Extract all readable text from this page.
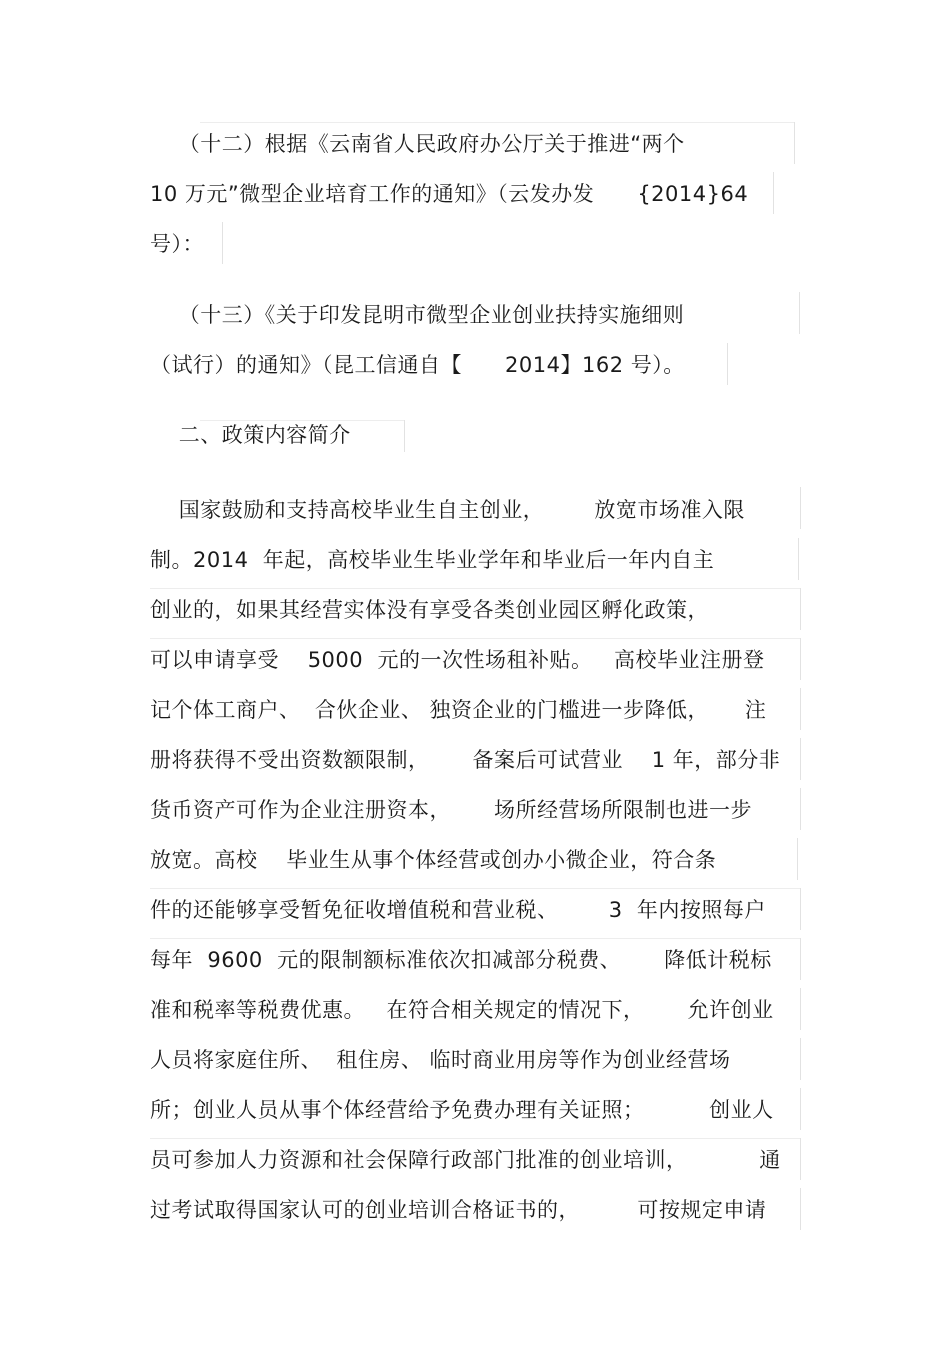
（十二）根据《云南省人民政府办公厅关于推进“两个
10 万元”微型企业培育工作的通知》（云发办发      {2014}64
号）：
（十三）《关于印发昆明市微型企业创业扶持实施细则
（试行）的通知》（昆工信通自【      2014】162 号）。
二、政策内容简介
国家鼓励和支持高校毕业生自主创业，       放宽市场准入限
制。2014  年起，高校毕业生毕业学年和毕业后一年内自主
创业的，如果其经营实体没有享受各类创业园区孵化政策，
可以申请享受    5000  元的一次性场租补贴。   高校毕业注册登
记个体工商户、  合伙企业、 独资企业的门槛进一步降低，     注
册将获得不受出资数额限制，      备案后可试营业    1 年，部分非
货币资产可作为企业注册资本，      场所经营场所限制也进一步
放宽。高校    毕业生从事个体经营或创办小微企业，符合条
件的还能够享受暂免征收增值税和营业税、       3  年内按照每户
每年  9600  元的限制额标准依次扣减部分税费、      降低计税标
准和税率等税费优惠。   在符合相关规定的情况下，      允许创业
人员将家庭住所、  租住房、 临时商业用房等作为创业经营场
所；创业人员从事个体经营给予免费办理有关证照；         创业人
员可参加人力资源和社会保障行政部门批准的创业培训，          通
过考试取得国家认可的创业培训合格证书的，        可按规定申请
